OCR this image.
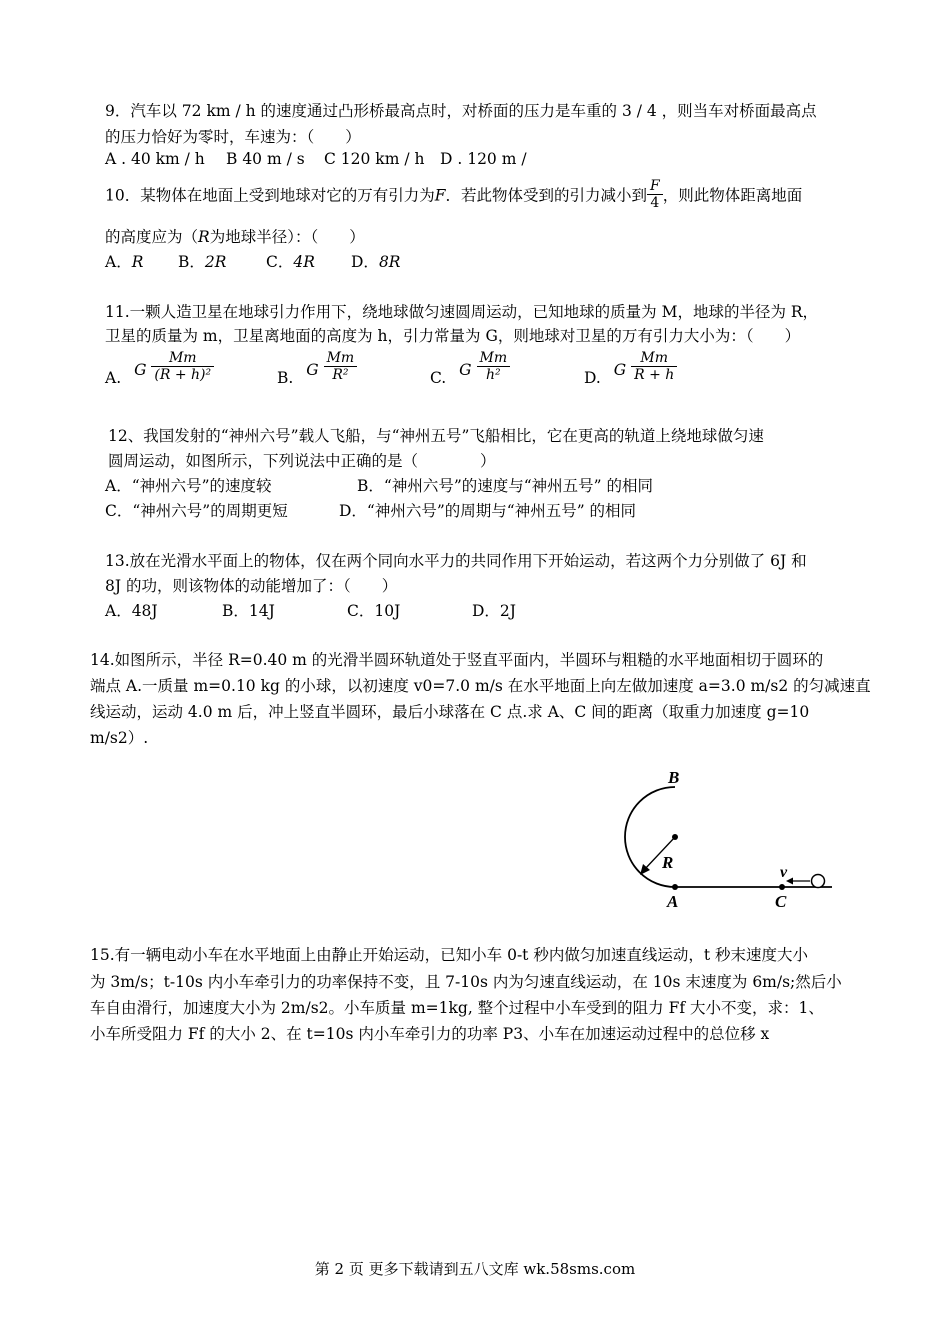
9．汽车以 72 km / h 的速度通过凸形桥最高点时，对桥面的压力是车重的 3 / 4 ，则当车对桥面最高点
的压力恰好为零时，车速为：（　　）
A . 40 km / h B 40 m / s C 120 km / h D . 120 m /
10．某物体在地面上受到地球对它的万有引力为F．若此物体受到的引力减小到 $\frac{F}{4}$ ，则此物体距离地面
的高度应为（R为地球半径）：（　　）
A．R B．2R	C．4R D．8R
11.一颗人造卫星在地球引力作用下，绕地球做匀速圆周运动，已知地球的质量为 M，地球的半径为 R，
卫星的质量为 m，卫星离地面的高度为 h，引力常量为 G，则地球对卫星的万有引力大小为：（　　）
A. G $\frac{Mm}{\text{(R + h)²}}$	B. G $\frac{Mm}{\text{R²}}$	C. G $\frac{Mm}{\text{h²}}$	D. G $\frac{Mm}{R + h}$
12、我国发射的“神州六号”载人飞船，与“神州五号”飞船相比，它在更高的轨道上绕地球做匀速
圆周运动，如图所示，下列说法中正确的是（　　　　）
A．“神州六号”的速度较	B．“神州六号”的速度与“神州五号” 的相同
C．“神州六号”的周期更短	D．“神州六号”的周期与“神州五号” 的相同
13.放在光滑水平面上的物体，仅在两个同向水平力的共同作用下开始运动，若这两个力分别做了 6J 和
8J 的功，则该物体的动能增加了：（　　）
A．48J	B．14J	C．10J	D．2J
14.如图所示，半径 R=0.40 m 的光滑半圆环轨道处于竖直平面内，半圆环与粗糙的水平地面相切于圆环的
端点 A.一质量 m=0.10 kg 的小球，以初速度 v0=7.0 m/s 在水平地面上向左做加速度 a=3.0 m/s2 的匀减速直
线运动，运动 4.0 m 后，冲上竖直半圆环，最后小球落在 C 点.求 A、C 间的距离（取重力加速度 g=10
m/s2）.
B
R
A	C
v
15.有一辆电动小车在水平地面上由静止开始运动，已知小车 0-t 秒内做匀加速直线运动，t 秒末速度大小
为 3m/s；t-10s 内小车牵引力的功率保持不变，且 7-10s 内为匀速直线运动，在 10s 末速度为 6m/s;然后小
车自由滑行，加速度大小为 2m/s2。小车质量 m=1kg, 整个过程中小车受到的阻力 Ff 大小不变，求：1、
小车所受阻力 Ff 的大小 2、在 t=10s 内小车牵引力的功率 P3、小车在加速运动过程中的总位移 x
第 2 页 更多下载请到五八文库 wk.58sms.com
